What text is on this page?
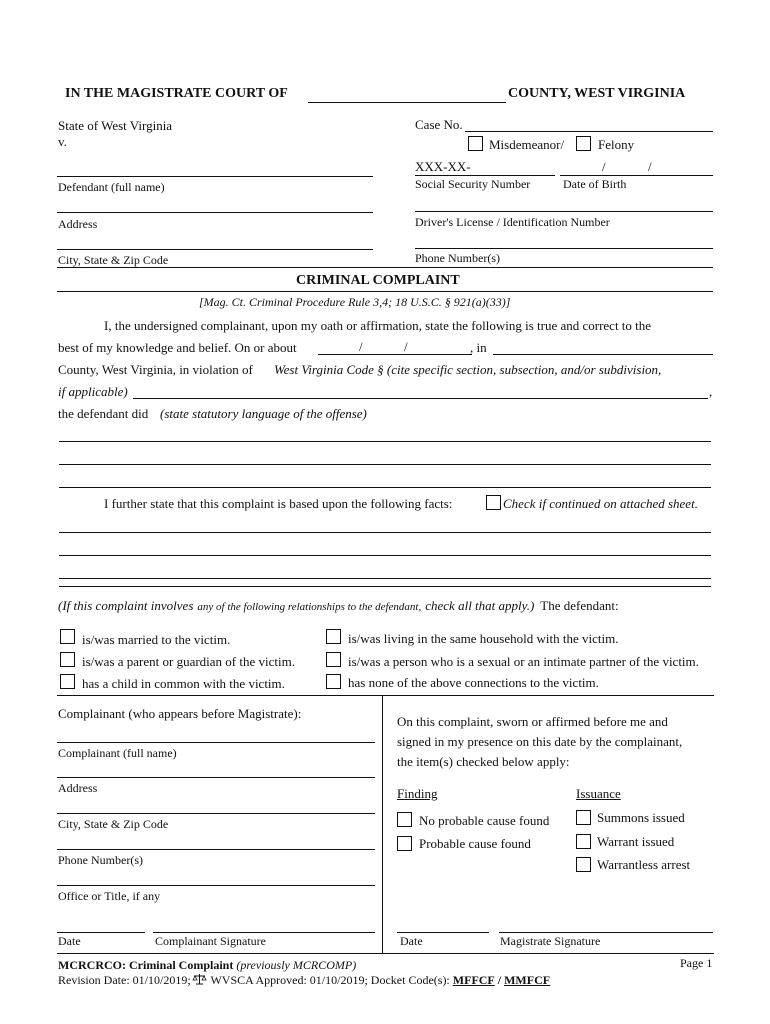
IN THE MAGISTRATE COURT OF	COUNTY, WEST VIRGINIA
State of West Virginia
v.
Defendant (full name)
Address
City, State & Zip Code
Case No.
Misdemeanor/	Felony
XXX-XX-	/	/
Social Security Number	Date of Birth
Driver's License / Identification Number
Phone Number(s)
CRIMINAL COMPLAINT
[Mag. Ct. Criminal Procedure Rule 3,4; 18 U.S.C. § 921(a)(33)]
I, the undersigned complainant, upon my oath or affirmation, state the following is true and correct to the
best of my knowledge and belief. On or about	/	/	, in
County, West Virginia, in violation of West Virginia Code § (cite specific section, subsection, and/or subdivision,
if applicable)	,
the defendant did (state statutory language of the offense)
I further state that this complaint is based upon the following facts:	Check if continued on attached sheet.
(If this complaint involves any of the following relationships to the defendant, check all that apply.) The defendant:
is/was married to the victim.
is/was a parent or guardian of the victim.
has a child in common with the victim.
is/was living in the same household with the victim.
is/was a person who is a sexual or an intimate partner of the victim.
has none of the above connections to the victim.
Complainant (who appears before Magistrate):
Complainant (full name)
Address
City, State & Zip Code
Phone Number(s)
Office or Title, if any
Date	Complainant Signature
On this complaint, sworn or affirmed before me and
signed in my presence on this date by the complainant,
the item(s) checked below apply:
Finding	Issuance
No probable cause found
Probable cause found
Summons issued
Warrant issued
Warrantless arrest
Date	Magistrate Signature
MCRCRCO: Criminal Complaint (previously MCRCOMP)	Page 1
Revision Date: 01/10/2019; WVSCA Approved: 01/10/2019; Docket Code(s): MFFCF / MMFCF
